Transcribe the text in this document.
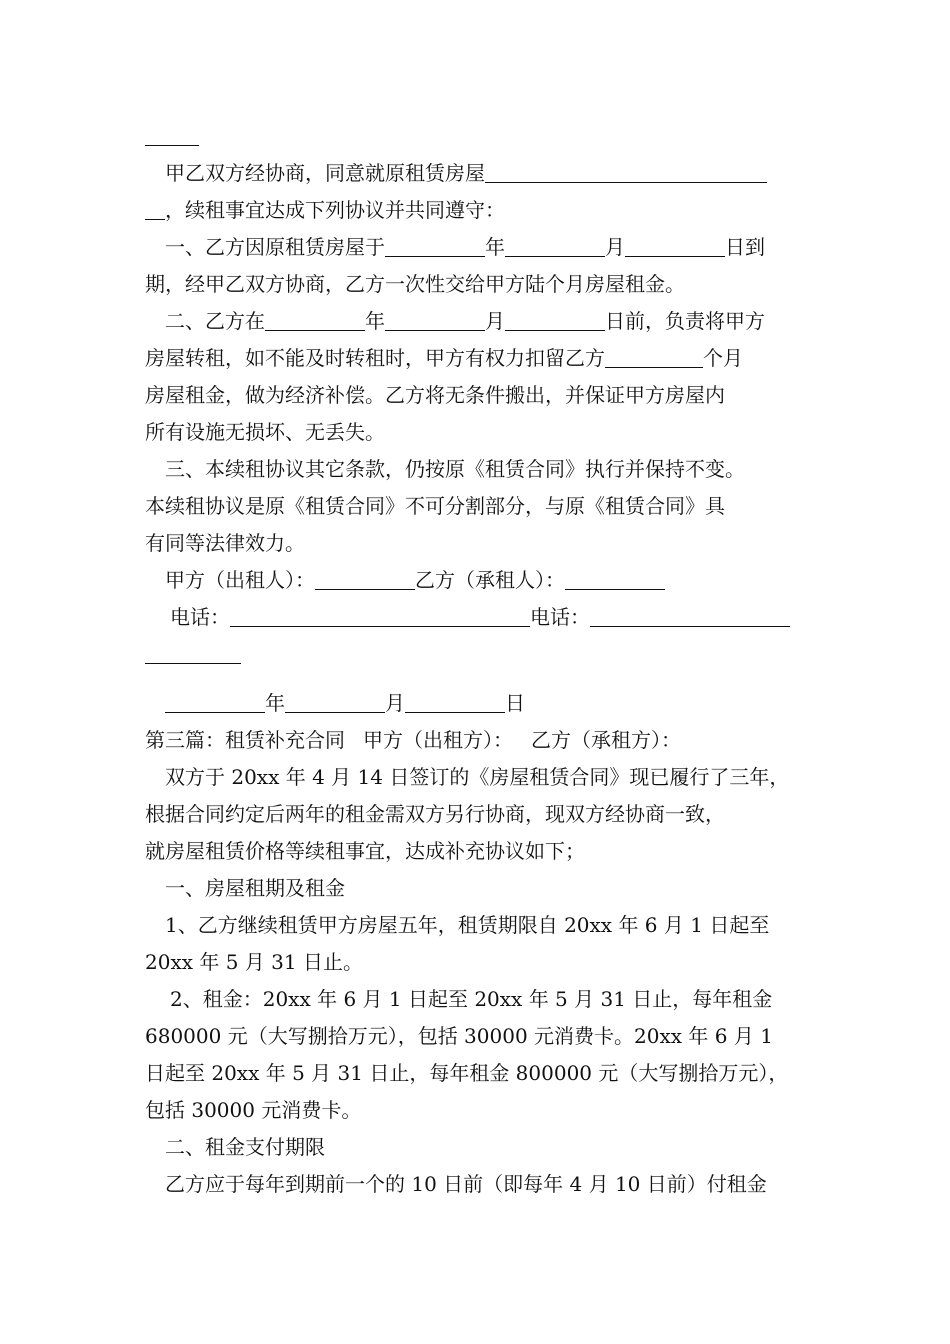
甲乙双方经协商，同意就原租赁房屋
，续租事宜达成下列协议并共同遵守：
一、乙方因原租赁房屋于	年	月	日到
期，经甲乙双方协商，乙方一次性交给甲方陆个月房屋租金。
二、乙方在	年	月	日前，负责将甲方
房屋转租，如不能及时转租时，甲方有权力扣留乙方	个月
房屋租金，做为经济补偿。乙方将无条件搬出，并保证甲方房屋内
所有设施无损坏、无丢失。
三、本续租协议其它条款，仍按原《租赁合同》执行并保持不变。
本续租协议是原《租赁合同》不可分割部分，与原《租赁合同》具
有同等法律效力。
甲方（出租人）：	乙方（承租人）：
电话：	电话：
年	月	日
第三篇：租赁补充合同 甲方（出租方）： 乙方（承租方）：
双方于 20xx 年 4 月 14 日签订的《房屋租赁合同》现已履行了三年，
根据合同约定后两年的租金需双方另行协商，现双方经协商一致，
就房屋租赁价格等续租事宜，达成补充协议如下；
一、房屋租期及租金
1、乙方继续租赁甲方房屋五年，租赁期限自 20xx 年 6 月 1 日起至
20xx 年 5 月 31 日止。
2、租金：20xx 年 6 月 1 日起至 20xx 年 5 月 31 日止，每年租金
680000 元（大写捌拾万元），包括 30000 元消费卡。20xx 年 6 月 1
日起至 20xx 年 5 月 31 日止，每年租金 800000 元（大写捌拾万元），
包括 30000 元消费卡。
二、租金支付期限
乙方应于每年到期前一个的 10 日前（即每年 4 月 10 日前）付租金
